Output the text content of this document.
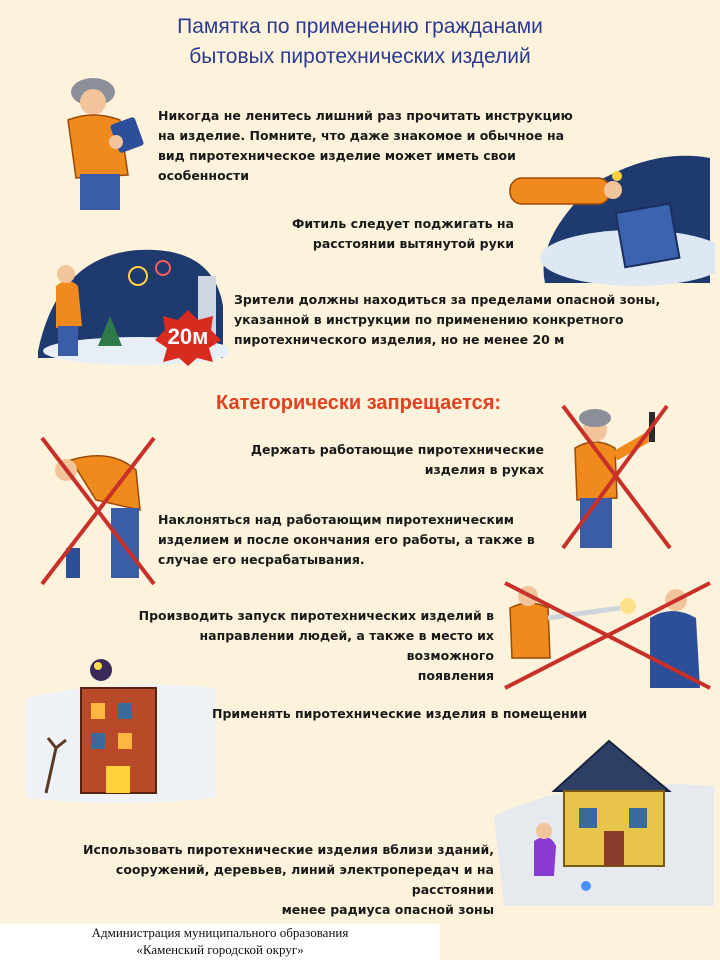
Памятка по применению гражданами
бытовых пиротехнических изделий
Никогда не ленитесь лишний раз прочитать инструкцию
на изделие. Помните, что даже знакомое и обычное на
вид пиротехническое изделие может иметь свои
особенности
Фитиль следует поджигать на
расстоянии вытянутой руки
20м
Зрители должны находиться за пределами опасной зоны,
указанной в инструкции по применению конкретного
пиротехнического изделия, но не менее 20 м
Категорически запрещается:
Держать работающие пиротехнические
изделия в руках
Наклоняться над работающим пиротехническим
изделием и после окончания его работы, а также в
случае его несрабатывания.
Производить запуск пиротехнических изделий в
направлении людей, а также в место их возможного
появления
Применять пиротехнические изделия в помещении
Использовать пиротехнические изделия вблизи зданий,
сооружений, деревьев, линий электропередач и на расстоянии
менее радиуса опасной зоны
Администрация муниципального образования
«Каменский городской округ»
